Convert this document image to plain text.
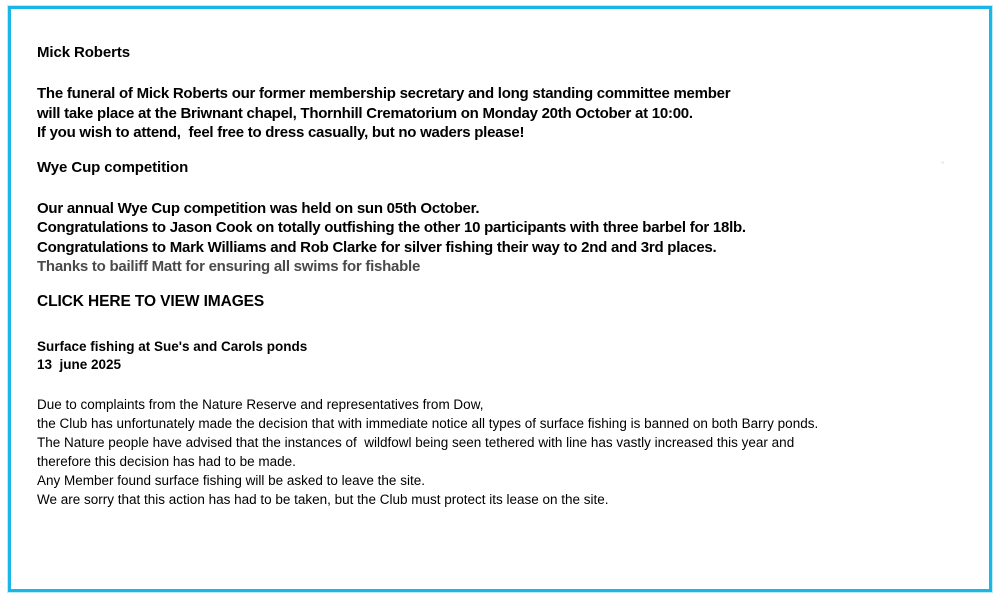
''
Mick Roberts
The funeral of Mick Roberts our former membership secretary and long standing committee member
will take place at the Briwnant chapel, Thornhill Crematorium on Monday 20th October at 10:00.
If you wish to attend,  feel free to dress casually, but no waders please!
Wye Cup competition
Our annual Wye Cup competition was held on sun 05th October.
Congratulations to Jason Cook on totally outfishing the other 10 participants with three barbel for 18lb.
Congratulations to Mark Williams and Rob Clarke for silver fishing their way to 2nd and 3rd places.
Thanks to bailiff Matt for ensuring all swims for fishable
CLICK HERE TO VIEW IMAGES
Surface fishing at Sue's and Carols ponds
13  june 2025
Due to complaints from the Nature Reserve and representatives from Dow,
the Club has unfortunately made the decision that with immediate notice all types of surface fishing is banned on both Barry ponds.
The Nature people have advised that the instances of  wildfowl being seen tethered with line has vastly increased this year and
therefore this decision has had to be made.
Any Member found surface fishing will be asked to leave the site.
We are sorry that this action has had to be taken, but the Club must protect its lease on the site.
